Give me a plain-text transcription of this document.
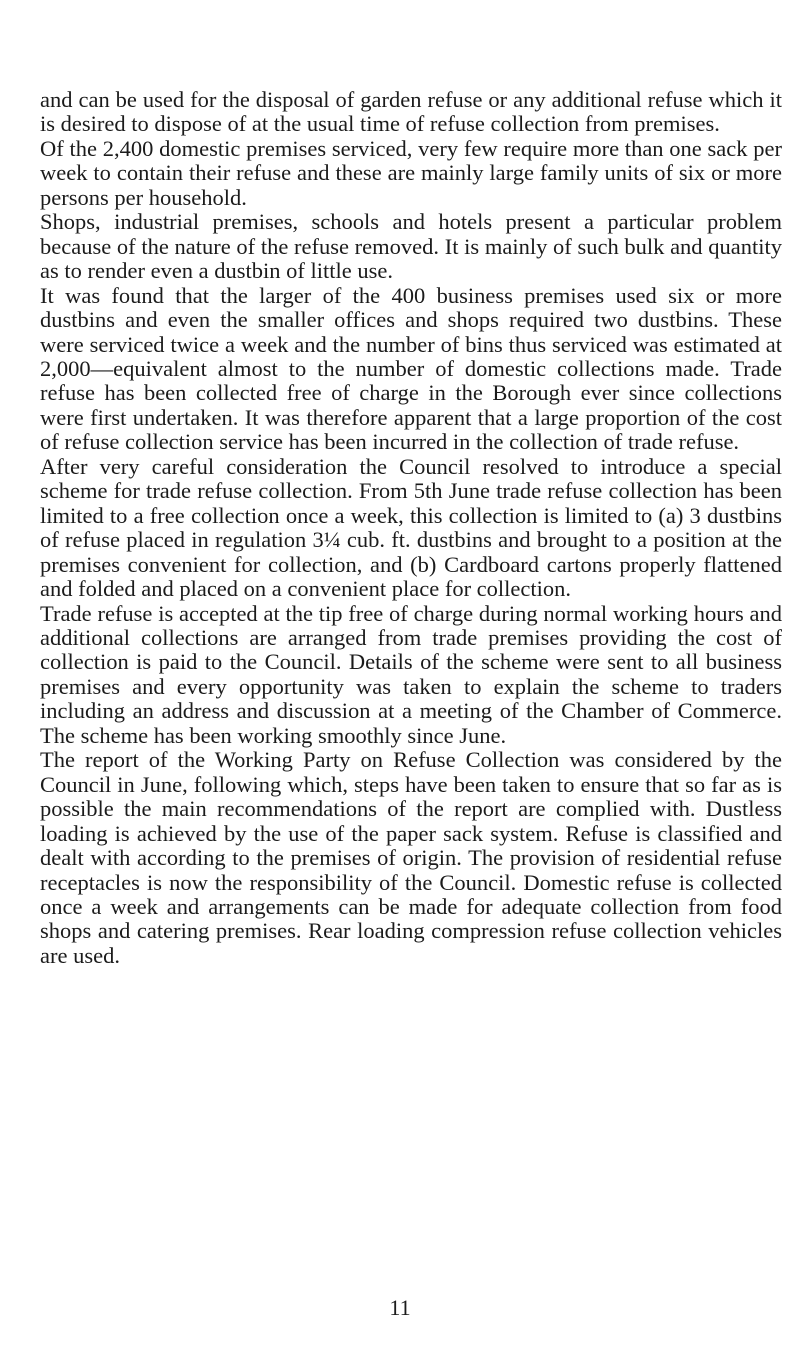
and can be used for the disposal of garden refuse or any additional refuse which it is desired to dispose of at the usual time of refuse collection from premises.

Of the 2,400 domestic premises serviced, very few require more than one sack per week to contain their refuse and these are mainly large family units of six or more persons per household.

Shops, industrial premises, schools and hotels present a particular problem because of the nature of the refuse removed. It is mainly of such bulk and quantity as to render even a dustbin of little use.

It was found that the larger of the 400 business premises used six or more dustbins and even the smaller offices and shops required two dustbins. These were serviced twice a week and the number of bins thus serviced was estimated at 2,000—equivalent almost to the number of domestic collections made. Trade refuse has been collected free of charge in the Borough ever since collections were first undertaken. It was therefore apparent that a large proportion of the cost of refuse collection service has been incurred in the collection of trade refuse.

After very careful consideration the Council resolved to introduce a special scheme for trade refuse collection. From 5th June trade refuse collection has been limited to a free collection once a week, this collection is limited to (a) 3 dustbins of refuse placed in regulation 3¼ cub. ft. dustbins and brought to a position at the premises convenient for collection, and (b) Cardboard cartons properly flattened and folded and placed on a convenient place for collection.

Trade refuse is accepted at the tip free of charge during normal working hours and additional collections are arranged from trade premises providing the cost of collection is paid to the Council. Details of the scheme were sent to all business premises and every opportunity was taken to explain the scheme to traders including an address and discussion at a meeting of the Chamber of Commerce. The scheme has been working smoothly since June.

The report of the Working Party on Refuse Collection was considered by the Council in June, following which, steps have been taken to ensure that so far as is possible the main recommendations of the report are complied with. Dustless loading is achieved by the use of the paper sack system. Refuse is classified and dealt with according to the premises of origin. The provision of residential refuse receptacles is now the responsibility of the Council. Domestic refuse is collected once a week and arrangements can be made for adequate collection from food shops and catering premises. Rear loading compression refuse collection vehicles are used.

11
